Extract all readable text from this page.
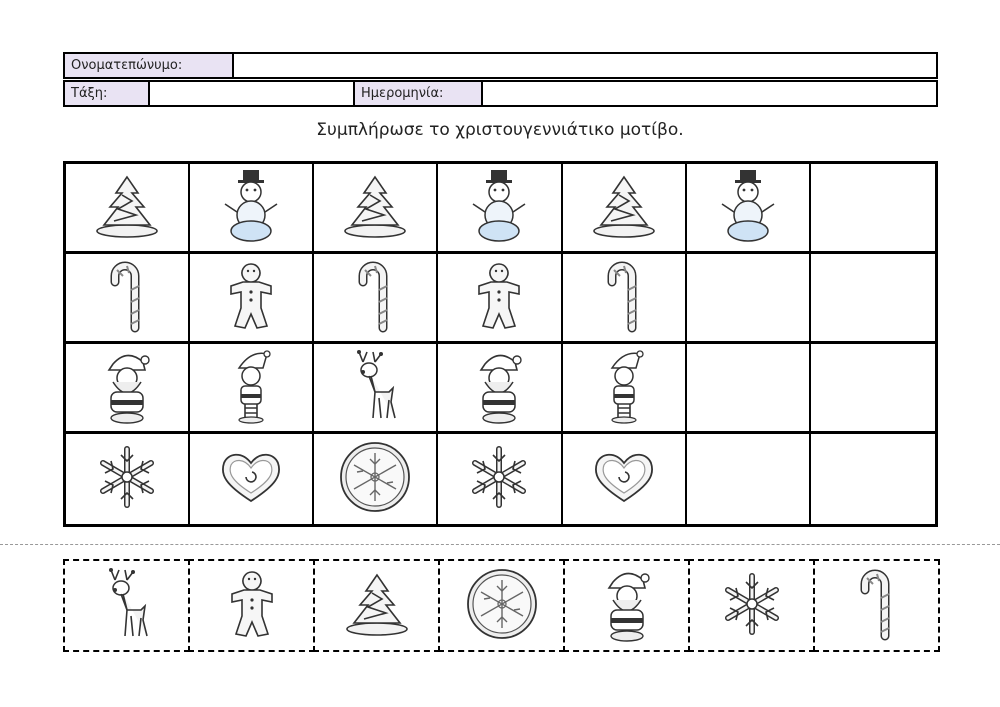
Ονοματεπώνυμο:
Τάξη:	Ημερομηνία:
Συμπλήρωσε το χριστουγεννιάτικο μοτίβο.
